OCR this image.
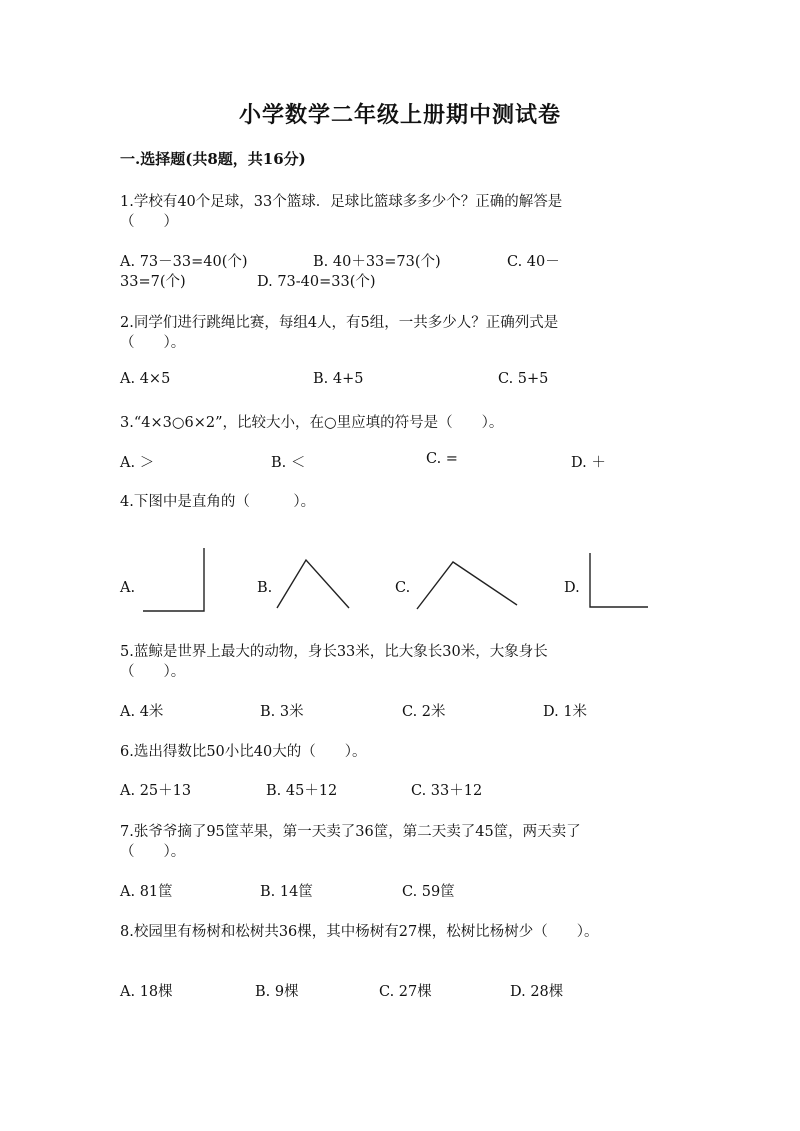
小学数学二年级上册期中测试卷
一.选择题(共8题，共16分)
1.学校有40个足球，33个篮球．足球比篮球多多少个？正确的解答是
（　　）
A. 73－33=40(个)	B. 40＋33=73(个)	C. 40－
33=7(个)	D. 73-40=33(个)
2.同学们进行跳绳比赛，每组4人，有5组，一共多少人？正确列式是
（　　）。
A. 4×5	B. 4+5	C. 5+5
3.“4×3○6×2”，比较大小，在○里应填的符号是（　　）。
A. ＞	B. ＜	C. =	D. ＋
4.下图中是直角的（　　　）。
A.	B.	C.	D.
5.蓝鲸是世界上最大的动物，身长33米，比大象长30米，大象身长
（　　）。
A. 4米	B. 3米	C. 2米	D. 1米
6.选出得数比50小比40大的（　　）。
A. 25＋13	B. 45＋12	C. 33＋12
7.张爷爷摘了95筐苹果，第一天卖了36筐，第二天卖了45筐，两天卖了
（　　）。
A. 81筐	B. 14筐	C. 59筐
8.校园里有杨树和松树共36棵，其中杨树有27棵，松树比杨树少（　　）。
A. 18棵	B. 9棵	C. 27棵	D. 28棵
